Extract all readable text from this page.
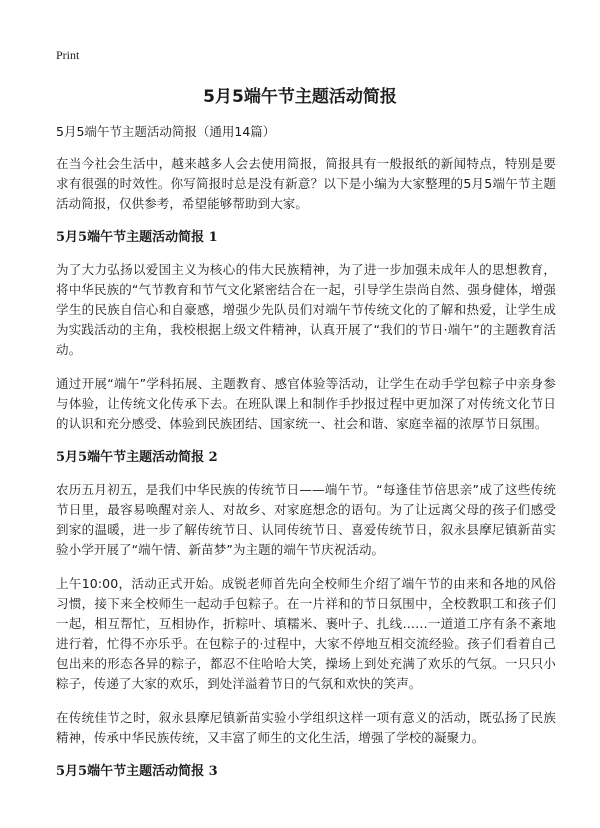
Print
5月5端午节主题活动简报
5月5端午节主题活动简报（通用14篇）

在当今社会生活中，越来越多人会去使用简报，简报具有一般报纸的新闻特点，特别是要求有很强的时效性。你写简报时总是没有新意？以下是小编为大家整理的5月5端午节主题活动简报，仅供参考，希望能够帮助到大家。

5月5端午节主题活动简报 1

为了大力弘扬以爱国主义为核心的伟大民族精神，为了进一步加强未成年人的思想教育，将中华民族的“气节教育和节气文化紧密结合在一起，引导学生崇尚自然、强身健体，增强学生的民族自信心和自豪感，增强少先队员们对端午节传统文化的了解和热爱，让学生成为实践活动的主角，我校根据上级文件精神，认真开展了“我们的节日·端午”的主题教育活动。

通过开展“端午”学科拓展、主题教育、感官体验等活动，让学生在动手学包粽子中亲身参与体验，让传统文化传承下去。在班队课上和制作手抄报过程中更加深了对传统文化节日的认识和充分感受、体验到民族团结、国家统一、社会和谐、家庭幸福的浓厚节日氛围。

5月5端午节主题活动简报 2

农历五月初五，是我们中华民族的传统节日——端午节。“每逢佳节倍思亲”成了这些传统节日里，最容易唤醒对亲人、对故乡、对家庭想念的语句。为了让远离父母的孩子们感受到家的温暖，进一步了解传统节日、认同传统节日、喜爱传统节日，叙永县摩尼镇新苗实验小学开展了“端午情、新苗梦”为主题的端午节庆祝活动。

上午10:00，活动正式开始。成锐老师首先向全校师生介绍了端午节的由来和各地的风俗习惯，接下来全校师生一起动手包粽子。在一片祥和的节日氛围中，全校教职工和孩子们一起，相互帮忙，互相协作，折粽叶、填糯米、裹叶子、扎线……一道道工序有条不紊地进行着，忙得不亦乐乎。在包粽子的·过程中，大家不停地互相交流经验。孩子们看着自己包出来的形态各异的粽子，都忍不住哈哈大笑，操场上到处充满了欢乐的气氛。一只只小粽子，传递了大家的欢乐，到处洋溢着节日的气氛和欢快的笑声。

在传统佳节之时，叙永县摩尼镇新苗实验小学组织这样一项有意义的活动，既弘扬了民族精神，传承中华民族传统，又丰富了师生的文化生活，增强了学校的凝聚力。

5月5端午节主题活动简报 3
